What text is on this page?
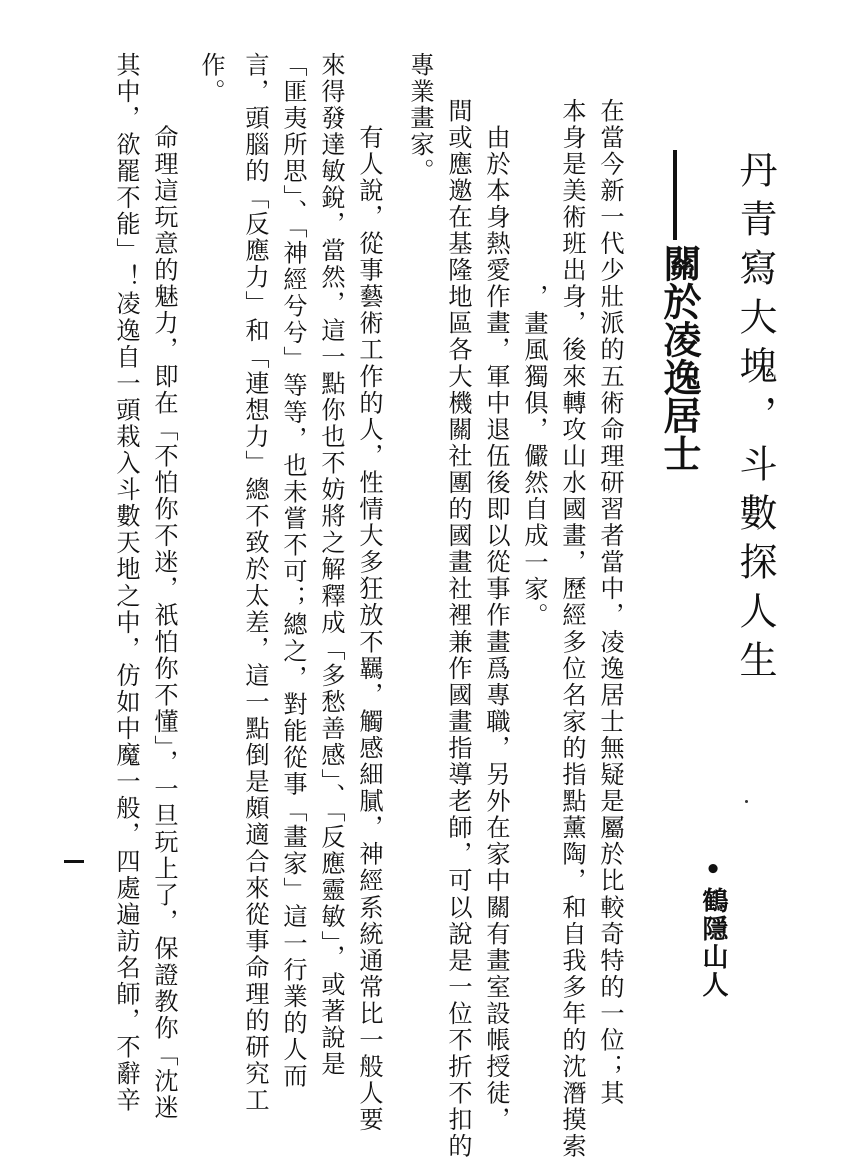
丹青寫大塊，斗數探人生
關於凌逸居士
•鶴隱山人
在當今新一代少壯派的五術命理研習者當中，凌逸居士無疑是屬於比較奇特的一位；其
本身是美術班出身，後來轉攻山水國畫，歷經多位名家的指點薰陶，和自我多年的沈潛摸索
，畫風獨俱，儼然自成一家。
　由於本身熱愛作畫，軍中退伍後即以從事作畫爲專職，另外在家中關有畫室設帳授徒，
間或應邀在基隆地區各大機關社團的國畫社裡兼作國畫指導老師，可以說是一位不折不扣的
專業畫家。
　有人說，從事藝術工作的人，性情大多狂放不羈，觸感細膩，神經系統通常比一般人要
來得發達敏銳，當然，這一點你也不妨將之解釋成「多愁善感」、「反應靈敏」，或著說是
「匪夷所思」、「神經兮兮」等等，也未嘗不可；總之，對能從事「畫家」這一行業的人而
言，頭腦的「反應力」和「連想力」總不致於太差，這一點倒是頗適合來從事命理的研究工
作。
　命理這玩意的魅力，即在「不怕你不迷，祇怕你不懂」，一旦玩上了，保證教你「沈迷
其中，欲罷不能」！凌逸自一頭栽入斗數天地之中，仿如中魔一般，四處遍訪名師，不辭辛
